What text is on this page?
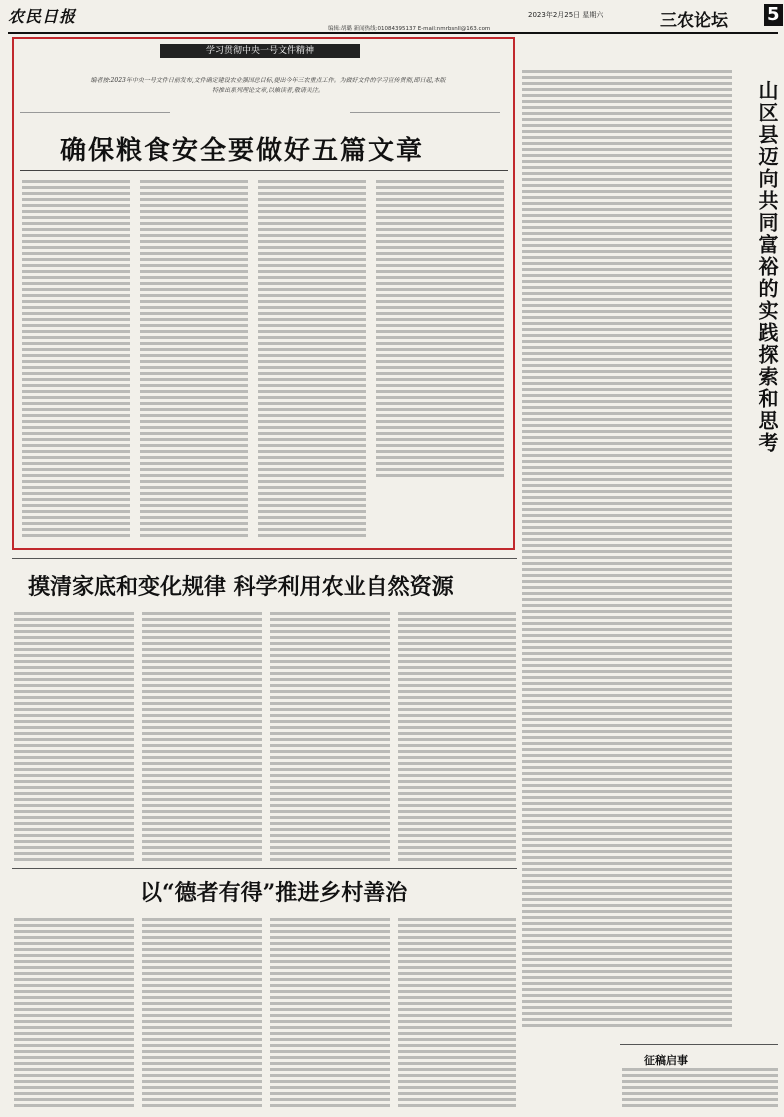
农民日报
编辑:胡璐 新闻热线:01084395137 E-mail:nmrbsnll@163.com
2023年2月25日 星期六	三农论坛 5
学习贯彻中央一号文件精神
编者按:2023年中央一号文件日前发布,文件确定建设农业强国总目标,提出今年三农重点工作。为做好文件的学习宣传贯彻,即日起,本版特推出系列理论文章,以飨读者,敬请关注。
确保粮食安全要做好五篇文章	山区县迈向共同富裕的实践探索和思考
摸清家底和变化规律 科学利用农业自然资源
以“德者有得”推进乡村善治
征稿启事
